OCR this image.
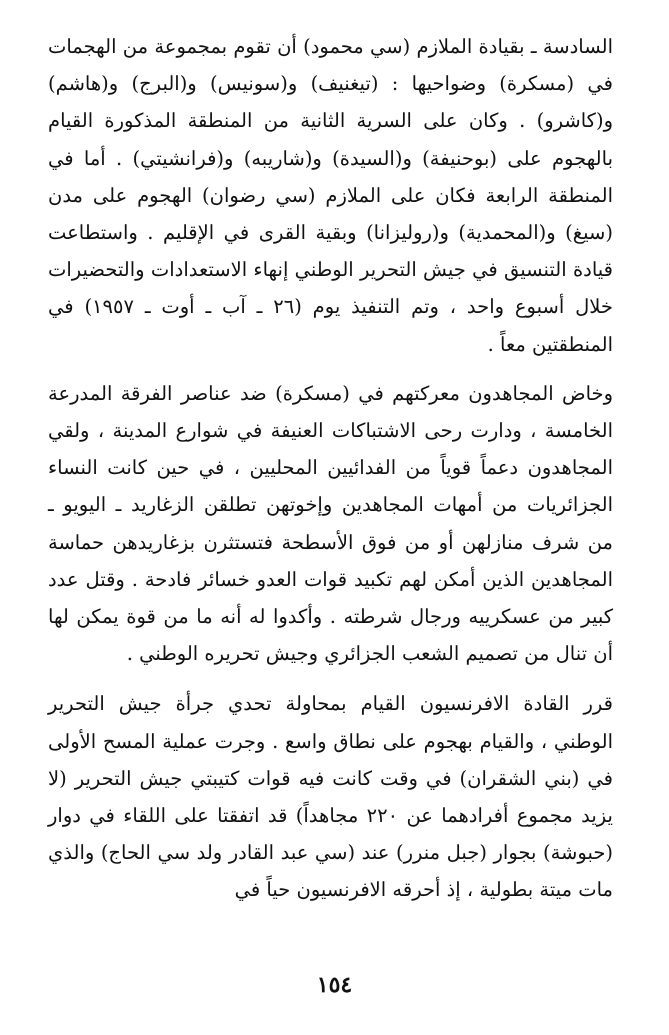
السادسة ـ بقيادة الملازم (سي محمود) أن تقوم بمجموعة من الهجمات في (مسكرة) وضواحيها : (تيغنيف) و(سونيس) و(البرج) و(هاشم) و(كاشرو) . وكان على السرية الثانية من المنطقة المذكورة القيام بالهجوم على (بوحنيفة) و(السيدة) و(شاريبه) و(فرانشيتي) . أما في المنطقة الرابعة فكان على الملازم (سي رضوان) الهجوم على مدن (سيغ) و(المحمدية) و(روليزانا) وبقية القرى في الإقليم . واستطاعت قيادة التنسيق في جيش التحرير الوطني إنهاء الاستعدادات والتحضيرات خلال أسبوع واحد ، وتم التنفيذ يوم (٢٦ ـ آب ـ أوت ـ ١٩٥٧) في المنطقتين معاً .

وخاض المجاهدون معركتهم في (مسكرة) ضد عناصر الفرقة المدرعة الخامسة ، ودارت رحى الاشتباكات العنيفة في شوارع المدينة ، ولقي المجاهدون دعماً قوياً من الفدائيين المحليين ، في حين كانت النساء الجزائريات من أمهات المجاهدين وإخوتهن تطلقن الزغاريد ـ اليويو ـ من شرف منازلهن أو من فوق الأسطحة فتستثرن بزغاريدهن حماسة المجاهدين الذين أمكن لهم تكبيد قوات العدو خسائر فادحة . وقتل عدد كبير من عسكرييه ورجال شرطته . وأكدوا له أنه ما من قوة يمكن لها أن تنال من تصميم الشعب الجزائري وجيش تحريره الوطني .

قرر القادة الافرنسيون القيام بمحاولة تحدي جرأة جيش التحرير الوطني ، والقيام بهجوم على نطاق واسع . وجرت عملية المسح الأولى في (بني الشقران) في وقت كانت فيه قوات كتيبتي جيش التحرير (لا يزيد مجموع أفرادهما عن ٢٢٠ مجاهداً) قد اتفقتا على اللقاء في دوار (حبوشة) بجوار (جبل منرر) عند (سي عبد القادر ولد سي الحاج) والذي مات ميتة بطولية ، إذ أحرقه الافرنسيون حياً في

١٥٤
